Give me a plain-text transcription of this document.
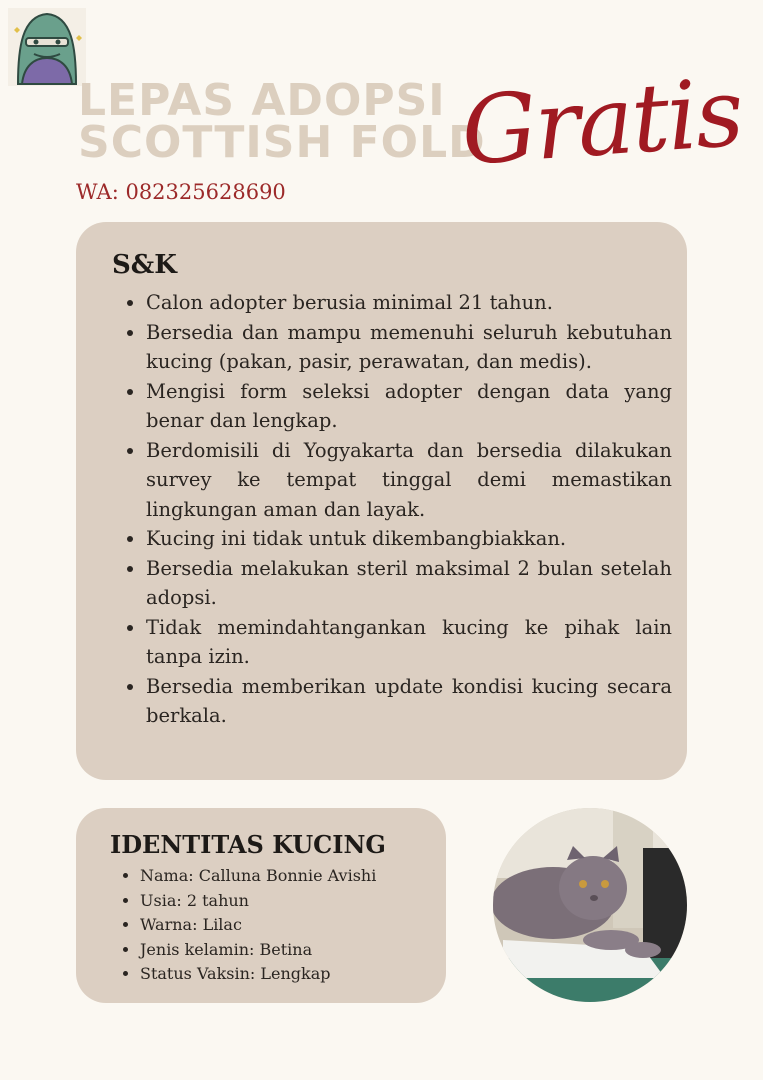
LEPAS ADOPSI
SCOTTISH FOLD
Gratis
WA: 082325628690
S&K
• Calon adopter berusia minimal 21 tahun.
• Bersedia dan mampu memenuhi seluruh kebutuhan kucing (pakan, pasir, perawatan, dan medis).
• Mengisi form seleksi adopter dengan data yang benar dan lengkap.
• Berdomisili di Yogyakarta dan bersedia dilakukan survey ke tempat tinggal demi memastikan lingkungan aman dan layak.
• Kucing ini tidak untuk dikembangbiakkan.
• Bersedia melakukan steril maksimal 2 bulan setelah adopsi.
• Tidak memindahtangankan kucing ke pihak lain tanpa izin.
• Bersedia memberikan update kondisi kucing secara berkala.
IDENTITAS KUCING
• Nama: Calluna Bonnie Avishi
• Usia: 2 tahun
• Warna: Lilac
• Jenis kelamin: Betina
• Status Vaksin: Lengkap
